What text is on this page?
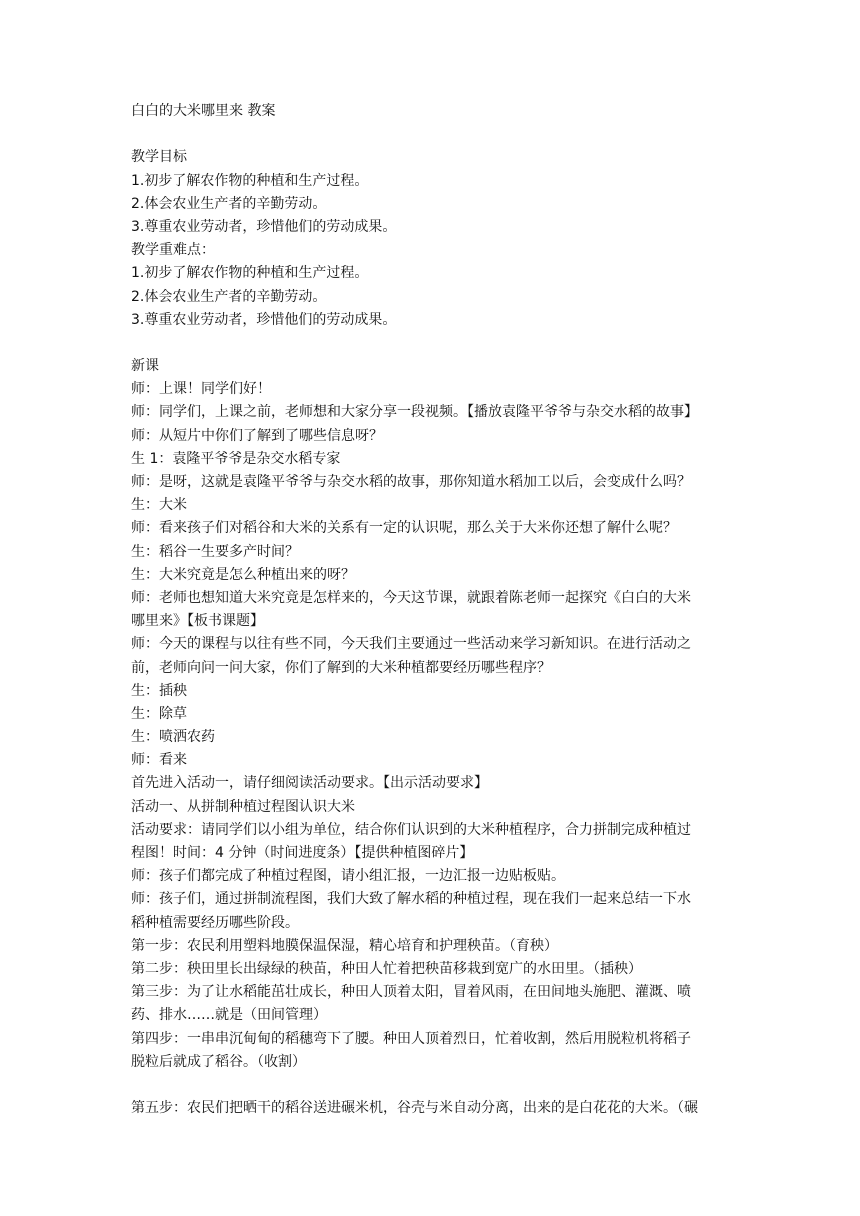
白白的大米哪里来 教案
教学目标
1.初步了解农作物的种植和生产过程。
2.体会农业生产者的辛勤劳动。
3.尊重农业劳动者，珍惜他们的劳动成果。
教学重难点：
1.初步了解农作物的种植和生产过程。
2.体会农业生产者的辛勤劳动。
3.尊重农业劳动者，珍惜他们的劳动成果。
新课
师：上课！同学们好！
师：同学们，上课之前，老师想和大家分享一段视频。【播放袁隆平爷爷与杂交水稻的故事】
师：从短片中你们了解到了哪些信息呀？
生 1：袁隆平爷爷是杂交水稻专家
师：是呀，这就是袁隆平爷爷与杂交水稻的故事，那你知道水稻加工以后，会变成什么吗？
生：大米
师：看来孩子们对稻谷和大米的关系有一定的认识呢，那么关于大米你还想了解什么呢？
生：稻谷一生要多产时间？
生：大米究竟是怎么种植出来的呀？
师：老师也想知道大米究竟是怎样来的，今天这节课，就跟着陈老师一起探究《白白的大米
哪里来》【板书课题】
师：今天的课程与以往有些不同，今天我们主要通过一些活动来学习新知识。在进行活动之
前，老师向问一问大家，你们了解到的大米种植都要经历哪些程序？
生：插秧
生：除草
生：喷洒农药
师：看来
首先进入活动一，请仔细阅读活动要求。【出示活动要求】
活动一、从拼制种植过程图认识大米
活动要求：请同学们以小组为单位，结合你们认识到的大米种植程序，合力拼制完成种植过
程图！时间：4 分钟（时间进度条）【提供种植图碎片】
师：孩子们都完成了种植过程图，请小组汇报，一边汇报一边贴板贴。
师：孩子们，通过拼制流程图，我们大致了解水稻的种植过程，现在我们一起来总结一下水
稻种植需要经历哪些阶段。
第一步：农民利用塑料地膜保温保湿，精心培育和护理秧苗。（育秧）
第二步：秧田里长出绿绿的秧苗，种田人忙着把秧苗移栽到宽广的水田里。（插秧）
第三步：为了让水稻能茁壮成长，种田人顶着太阳，冒着风雨，在田间地头施肥、灌溉、喷
药、排水……就是（田间管理）
第四步：一串串沉甸甸的稻穗弯下了腰。种田人顶着烈日，忙着收割，然后用脱粒机将稻子
脱粒后就成了稻谷。（收割）
第五步：农民们把晒干的稻谷送进碾米机，谷壳与米自动分离，出来的是白花花的大米。（碾
